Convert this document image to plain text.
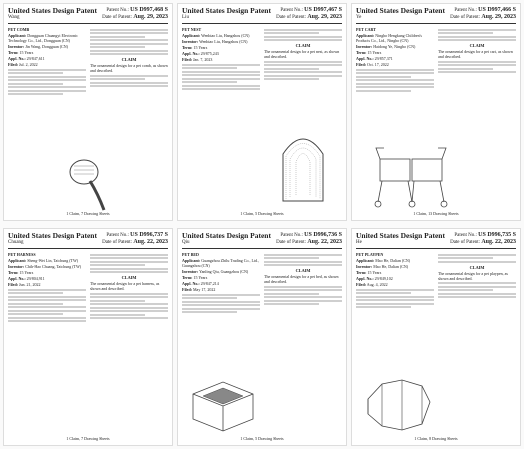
United States Design Patent
Wang
Patent No.: US D997,468 S
Date of Patent: Aug. 29, 2023
PET COMB
Applicant: Dongguan Chuangyi Electronic Technology Co., Ltd., Dongguan (CN)
Inventor: Jin Wang, Dongguan (CN)
Term: 15 Years
Appl. No.: 29/847,611
Filed: Jul. 2, 2022
CLAIM
The ornamental design for a pet comb, as shown and described.
1 Claim, 7 Drawing Sheets
United States Design Patent
Liu
Patent No.: US D997,467 S
Date of Patent: Aug. 29, 2023
PET NEST
Applicant: Wenbiao Liu, Hangzhou (CN)
Inventor: Wenbiao Liu, Hangzhou (CN)
Term: 15 Years
Appl. No.: 29/875,243
Filed: Jan. 7, 2023
CLAIM
The ornamental design for a pet nest, as shown and described.
1 Claim, 5 Drawing Sheets
United States Design Patent
Ye
Patent No.: US D997,466 S
Date of Patent: Aug. 29, 2023
PET CART
Applicant: Ningbo Hengkang Children's Products Co., Ltd., Ningbo (CN)
Inventor: Haidong Ye, Ningbo (CN)
Term: 15 Years
Appl. No.: 29/857,371
Filed: Oct. 17, 2022
CLAIM
The ornamental design for a pet cart, as shown and described.
1 Claim, 13 Drawing Sheets
United States Design Patent
Chuang
Patent No.: US D996,737 S
Date of Patent: Aug. 22, 2023
PET HARNESS
Applicant: Sheng-Wei Lin, Taichung (TW)
Inventor: Chih-Hao Chuang, Taichung (TW)
Term: 15 Years
Appl. No.: 29/804,911
Filed: Jun. 21, 2022
CLAIM
The ornamental design for a pet harness, as shown and described.
1 Claim, 7 Drawing Sheets
United States Design Patent
Qiu
Patent No.: US D996,736 S
Date of Patent: Aug. 22, 2023
PET BED
Applicant: Guangzhou Zhilu Trading Co., Ltd., Guangzhou (CN)
Inventor: Yanling Qiu, Guangzhou (CN)
Term: 15 Years
Appl. No.: 29/847,214
Filed: May 17, 2022
CLAIM
The ornamental design for a pet bed, as shown and described.
1 Claim, 5 Drawing Sheets
United States Design Patent
He
Patent No.: US D996,735 S
Date of Patent: Aug. 22, 2023
PET PLAYPEN
Applicant: Mao He, Dalian (CN)
Inventor: Mao He, Dalian (CN)
Term: 15 Years
Appl. No.: 29/849,102
Filed: Aug. 4, 2022
CLAIM
The ornamental design for a pet playpen, as shown and described.
1 Claim, 8 Drawing Sheets
